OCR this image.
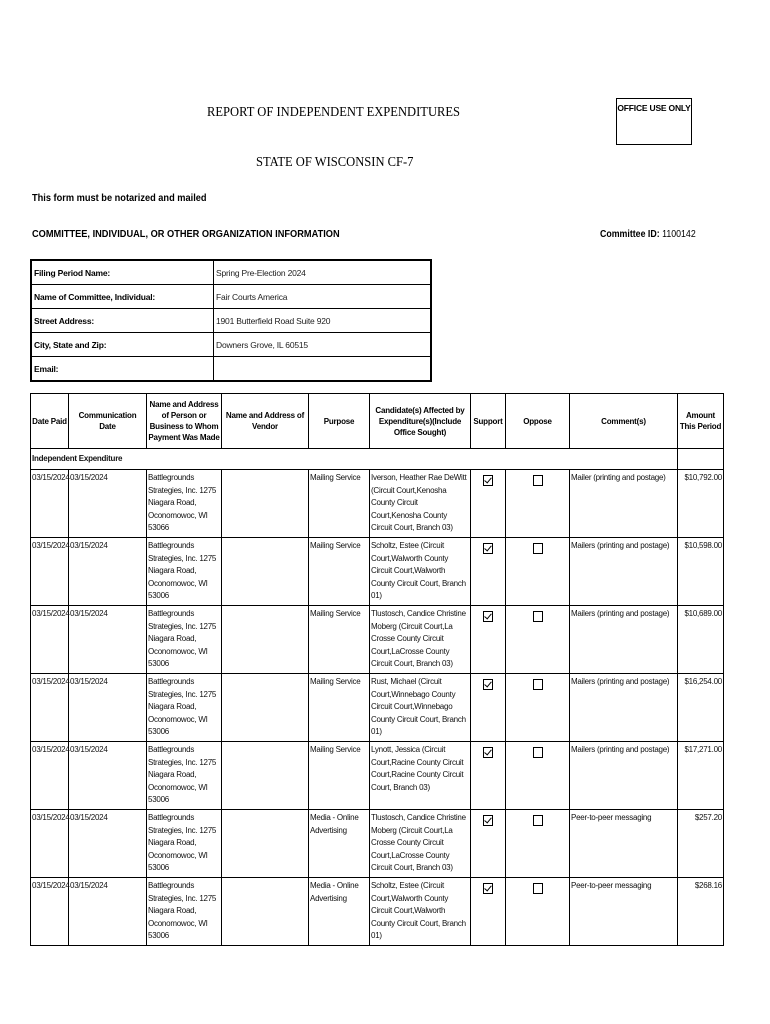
REPORT OF INDEPENDENT EXPENDITURES	OFFICE USE ONLY
STATE OF WISCONSIN CF-7
This form must be notarized and mailed
COMMITTEE, INDIVIDUAL, OR OTHER ORGANIZATION INFORMATION	Committee ID: 1100142
Filing Period Name:	Spring Pre-Election 2024
Name of Committee, Individual:	Fair Courts America
Street Address:	1901 Butterfield Road Suite 920
City, State and Zip:	Downers Grove, IL 60515
Email:	
Date Paid	Communication Date	Name and Address of Person or Business to Whom Payment Was Made	Name and Address of Vendor	Purpose	Candidate(s) Affected by Expenditure(s)(Include Office Sought)	Support	Oppose	Comment(s)	Amount This Period
Independent Expenditure									
03/15/2024	03/15/2024	Battlegrounds Strategies, Inc. 1275 Niagara Road, Oconomowoc, WI 53066		Mailing Service	Iverson, Heather Rae DeWitt (Circuit Court,Kenosha County Circuit Court,Kenosha County Circuit Court, Branch 03)			Mailer (printing and postage)	$10,792.00
03/15/2024	03/15/2024	Battlegrounds Strategies, Inc. 1275 Niagara Road, Oconomowoc, WI 53006		Mailing Service	Scholtz, Estee (Circuit Court,Walworth County Circuit Court,Walworth County Circuit Court, Branch 01)			Mailers (printing and postage)	$10,598.00
03/15/2024	03/15/2024	Battlegrounds Strategies, Inc. 1275 Niagara Road, Oconomowoc, WI 53006		Mailing Service	Tlustosch, Candice Christine Moberg (Circuit Court,La Crosse County Circuit Court,LaCrosse County Circuit Court, Branch 03)			Mailers (printing and postage)	$10,689.00
03/15/2024	03/15/2024	Battlegrounds Strategies, Inc. 1275 Niagara Road, Oconomowoc, WI 53006		Mailing Service	Rust, Michael (Circuit Court,Winnebago County Circuit Court,Winnebago County Circuit Court, Branch 01)			Mailers (printing and postage)	$16,254.00
03/15/2024	03/15/2024	Battlegrounds Strategies, Inc. 1275 Niagara Road, Oconomowoc, WI 53006		Mailing Service	Lynott, Jessica (Circuit Court,Racine County Circuit Court,Racine County Circuit Court, Branch 03)			Mailers (printing and postage)	$17,271.00
03/15/2024	03/15/2024	Battlegrounds Strategies, Inc. 1275 Niagara Road, Oconomowoc, WI 53006		Media - Online Advertising	Tlustosch, Candice Christine Moberg (Circuit Court,La Crosse County Circuit Court,LaCrosse County Circuit Court, Branch 03)			Peer-to-peer messaging	$257.20
03/15/2024	03/15/2024	Battlegrounds Strategies, Inc. 1275 Niagara Road, Oconomowoc, WI 53006		Media - Online Advertising	Scholtz, Estee (Circuit Court,Walworth County Circuit Court,Walworth County Circuit Court, Branch 01)			Peer-to-peer messaging	$268.16
